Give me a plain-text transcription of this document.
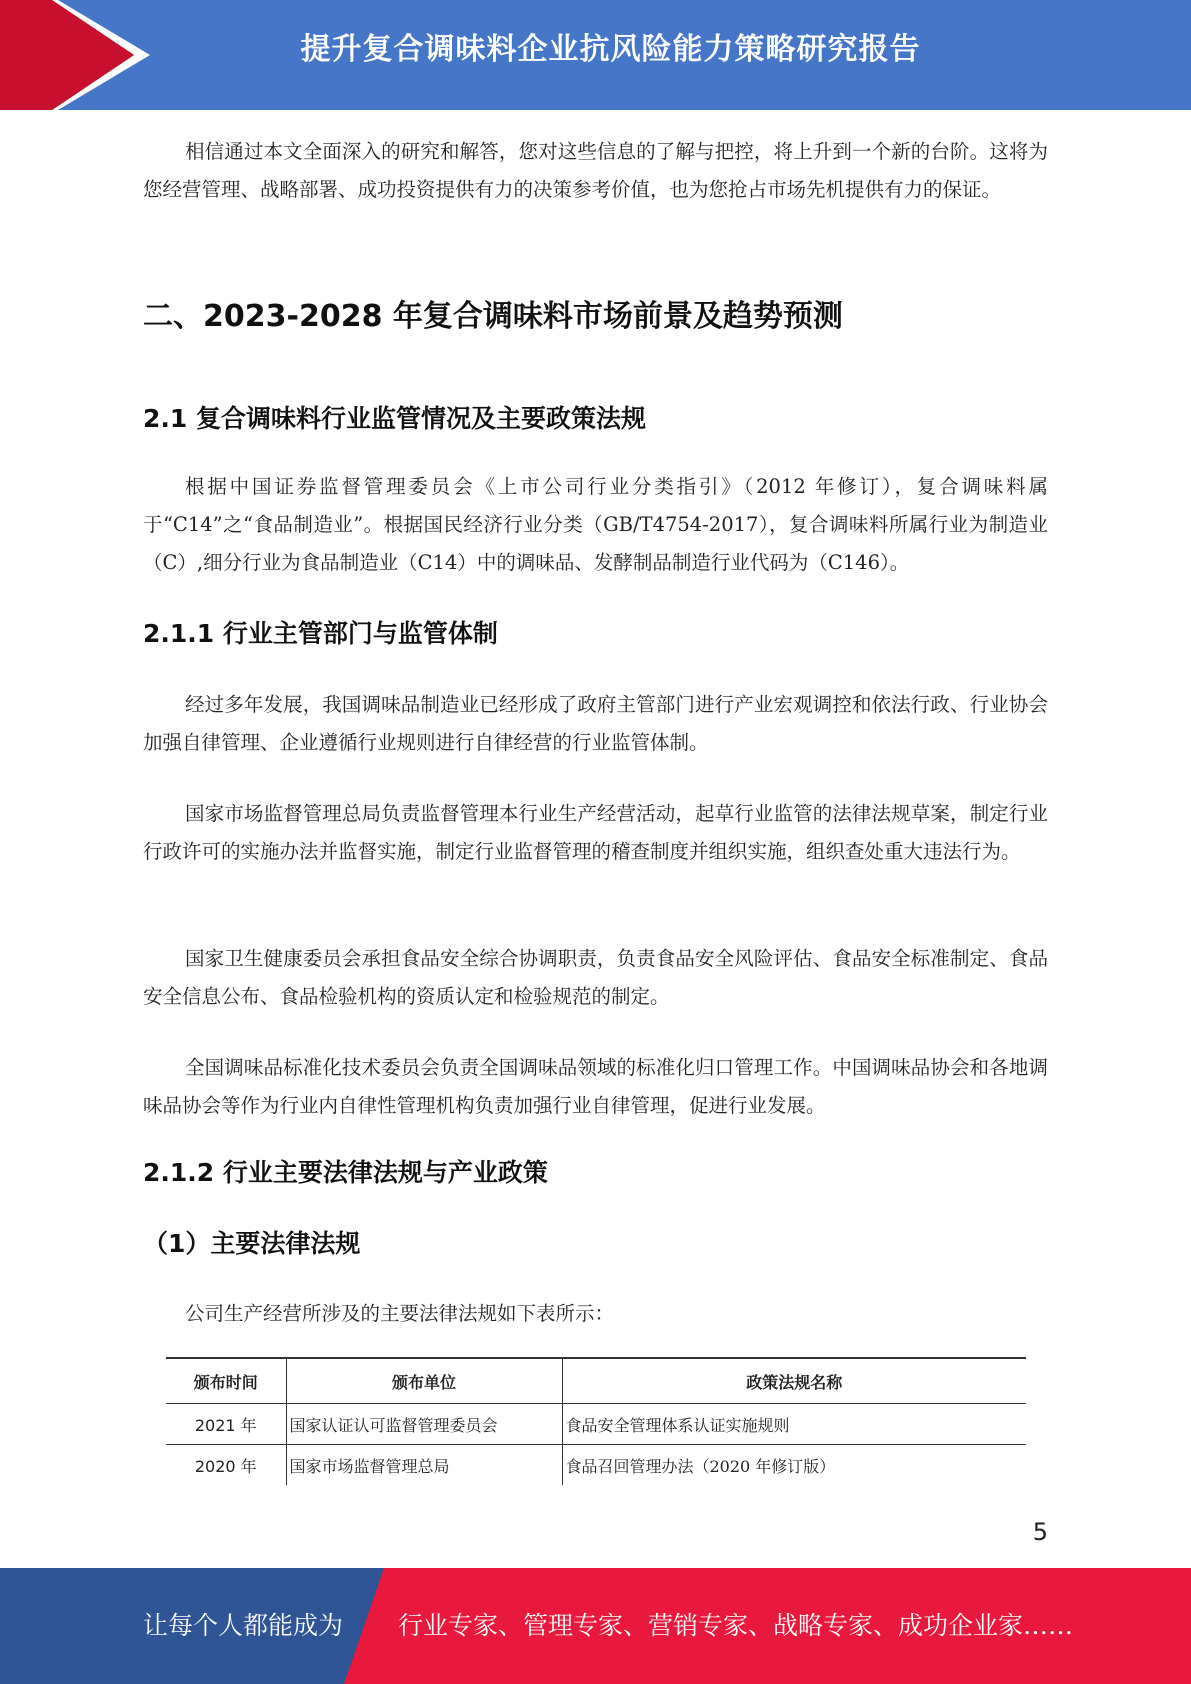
提升复合调味料企业抗风险能力策略研究报告

相信通过本文全面深入的研究和解答，您对这些信息的了解与把控，将上升到一个新的台阶。这将为您经营管理、战略部署、成功投资提供有力的决策参考价值，也为您抢占市场先机提供有力的保证。

二、2023-2028 年复合调味料市场前景及趋势预测
2.1 复合调味料行业监管情况及主要政策法规

根据中国证券监督管理委员会《上市公司行业分类指引》（2012 年修订），复合调味料属于“C14”之“食品制造业”。根据国民经济行业分类（GB/T4754-2017），复合调味料所属行业为制造业（C）,细分行业为食品制造业（C14）中的调味品、发酵制品制造行业代码为（C146）。

2.1.1 行业主管部门与监管体制

经过多年发展，我国调味品制造业已经形成了政府主管部门进行产业宏观调控和依法行政、行业协会加强自律管理、企业遵循行业规则进行自律经营的行业监管体制。

国家市场监督管理总局负责监督管理本行业生产经营活动，起草行业监管的法律法规草案，制定行业行政许可的实施办法并监督实施，制定行业监督管理的稽查制度并组织实施，组织查处重大违法行为。

国家卫生健康委员会承担食品安全综合协调职责，负责食品安全风险评估、食品安全标准制定、食品安全信息公布、食品检验机构的资质认定和检验规范的制定。

全国调味品标准化技术委员会负责全国调味品领域的标准化归口管理工作。中国调味品协会和各地调味品协会等作为行业内自律性管理机构负责加强行业自律管理，促进行业发展。

2.1.2 行业主要法律法规与产业政策
（1）主要法律法规

公司生产经营所涉及的主要法律法规如下表所示：

颁布时间	颁布单位	政策法规名称
2021 年	国家认证认可监督管理委员会	食品安全管理体系认证实施规则
2020 年	国家市场监督管理总局	食品召回管理办法（2020 年修订版）
5
让每个人都能成为 行业专家、管理专家、营销专家、战略专家、成功企业家……
